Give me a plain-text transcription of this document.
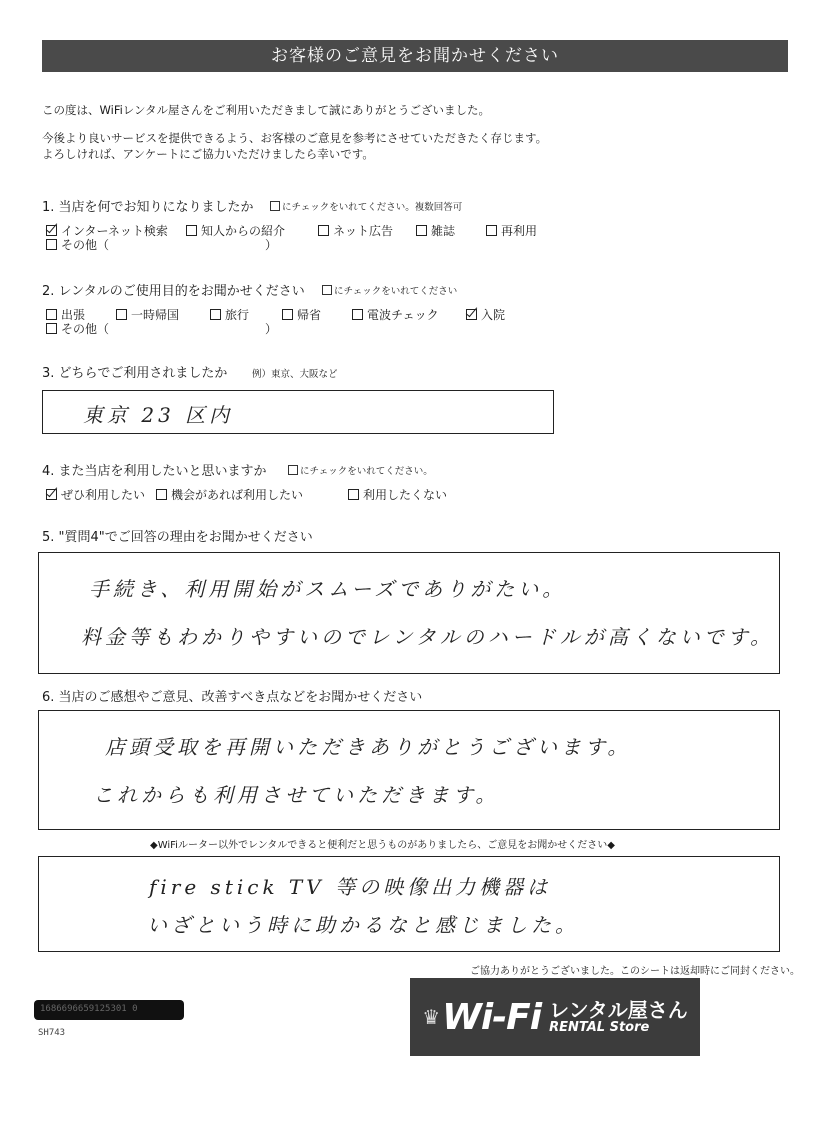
お客様のご意見をお聞かせください
この度は、WiFiレンタル屋さんをご利用いただきまして誠にありがとうございました。
今後より良いサービスを提供できるよう、お客様のご意見を参考にさせていただきたく存じます。
よろしければ、アンケートにご協力いただけましたら幸いです。
1. 当店を何でお知りになりましたか	にチェックをいれてください。複数回答可
インターネット検索	知人からの紹介	ネット広告	雑誌	再利用
その他（　　　　　　　　　　　　　）
2. レンタルのご使用目的をお聞かせください	にチェックをいれてください
出張	一時帰国	旅行	帰省	電波チェック	入院
その他（　　　　　　　　　　　　　）
3. どちらでご利用されましたか	例）東京、大阪など
東京 23 区内
4. また当店を利用したいと思いますか	にチェックをいれてください。
ぜひ利用したい 機会があれば利用したい	利用したくない
5. "質問4"でご回答の理由をお聞かせください
手続き、利用開始がスムーズでありがたい。
料金等もわかりやすいのでレンタルのハードルが高くないです。
6. 当店のご感想やご意見、改善すべき点などをお聞かせください
店頭受取を再開いただきありがとうございます。
これからも利用させていただきます。
◆WiFiルーター以外でレンタルできると便利だと思うものがありましたら、ご意見をお聞かせください◆
fire stick TV 等の映像出力機器は
いざという時に助かるなと感じました。
ご協力ありがとうございました。このシートは返却時にご同封ください。
1686696659125301 0
SH743
♛ Wi-Fi レンタル屋さん
RENTAL Store
